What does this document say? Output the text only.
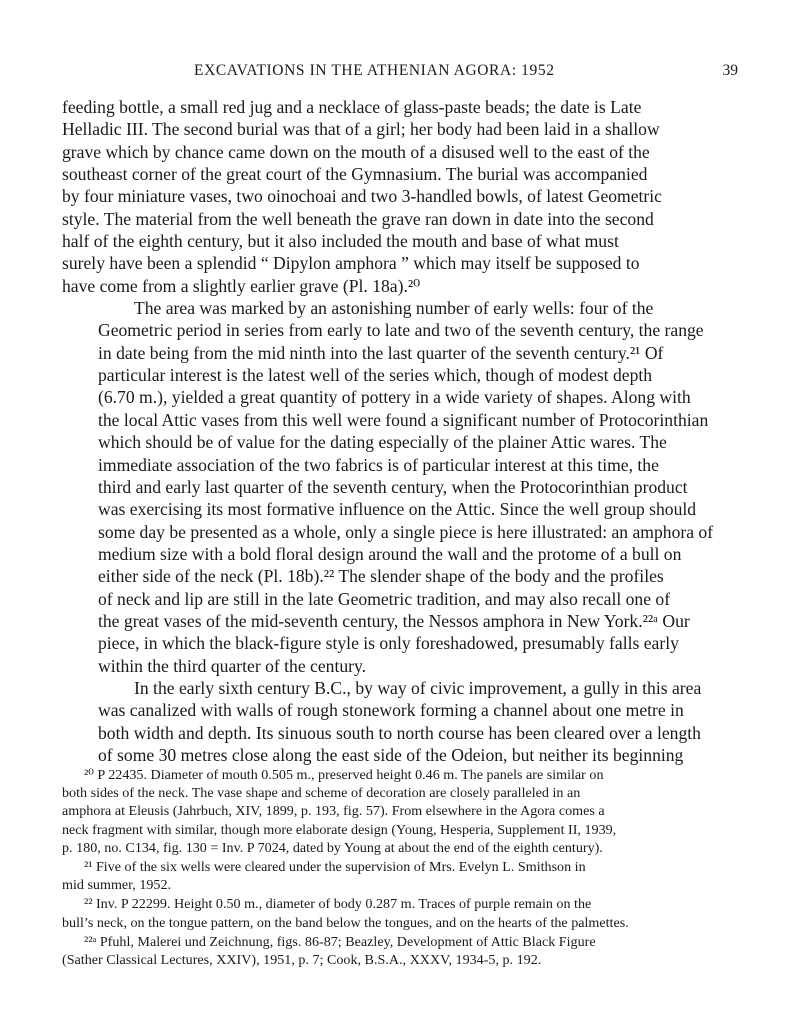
EXCAVATIONS IN THE ATHENIAN AGORA: 1952	39

feeding bottle, a small red jug and a necklace of glass-paste beads; the date is Late
Helladic III. The second burial was that of a girl; her body had been laid in a shallow
grave which by chance came down on the mouth of a disused well to the east of the
southeast corner of the great court of the Gymnasium. The burial was accompanied
by four miniature vases, two oinochoai and two 3-handled bowls, of latest Geometric
style. The material from the well beneath the grave ran down in date into the second
half of the eighth century, but it also included the mouth and base of what must
surely have been a splendid “ Dipylon amphora ” which may itself be supposed to
have come from a slightly earlier grave (Pl. 18a).²⁰

The area was marked by an astonishing number of early wells: four of the
Geometric period in series from early to late and two of the seventh century, the range
in date being from the mid ninth into the last quarter of the seventh century.²¹ Of
particular interest is the latest well of the series which, though of modest depth
(6.70 m.), yielded a great quantity of pottery in a wide variety of shapes. Along with
the local Attic vases from this well were found a significant number of Protocorinthian
which should be of value for the dating especially of the plainer Attic wares. The
immediate association of the two fabrics is of particular interest at this time, the
third and early last quarter of the seventh century, when the Protocorinthian product
was exercising its most formative influence on the Attic. Since the well group should
some day be presented as a whole, only a single piece is here illustrated: an amphora of
medium size with a bold floral design around the wall and the protome of a bull on
either side of the neck (Pl. 18b).²² The slender shape of the body and the profiles
of neck and lip are still in the late Geometric tradition, and may also recall one of
the great vases of the mid-seventh century, the Nessos amphora in New York.²²ᵃ Our
piece, in which the black-figure style is only foreshadowed, presumably falls early
within the third quarter of the century.

In the early sixth century B.C., by way of civic improvement, a gully in this area
was canalized with walls of rough stonework forming a channel about one metre in
both width and depth. Its sinuous south to north course has been cleared over a length
of some 30 metres close along the east side of the Odeion, but neither its beginning

²⁰ P 22435. Diameter of mouth 0.505 m., preserved height 0.46 m. The panels are similar on
both sides of the neck. The vase shape and scheme of decoration are closely paralleled in an
amphora at Eleusis (Jahrbuch, XIV, 1899, p. 193, fig. 57). From elsewhere in the Agora comes a
neck fragment with similar, though more elaborate design (Young, Hesperia, Supplement II, 1939,
p. 180, no. C134, fig. 130 = Inv. P 7024, dated by Young at about the end of the eighth century).
²¹ Five of the six wells were cleared under the supervision of Mrs. Evelyn L. Smithson in
mid summer, 1952.
²² Inv. P 22299. Height 0.50 m., diameter of body 0.287 m. Traces of purple remain on the
bull’s neck, on the tongue pattern, on the band below the tongues, and on the hearts of the palmettes.
²²ᵃ Pfuhl, Malerei und Zeichnung, figs. 86-87; Beazley, Development of Attic Black Figure
(Sather Classical Lectures, XXIV), 1951, p. 7; Cook, B.S.A., XXXV, 1934-5, p. 192.
